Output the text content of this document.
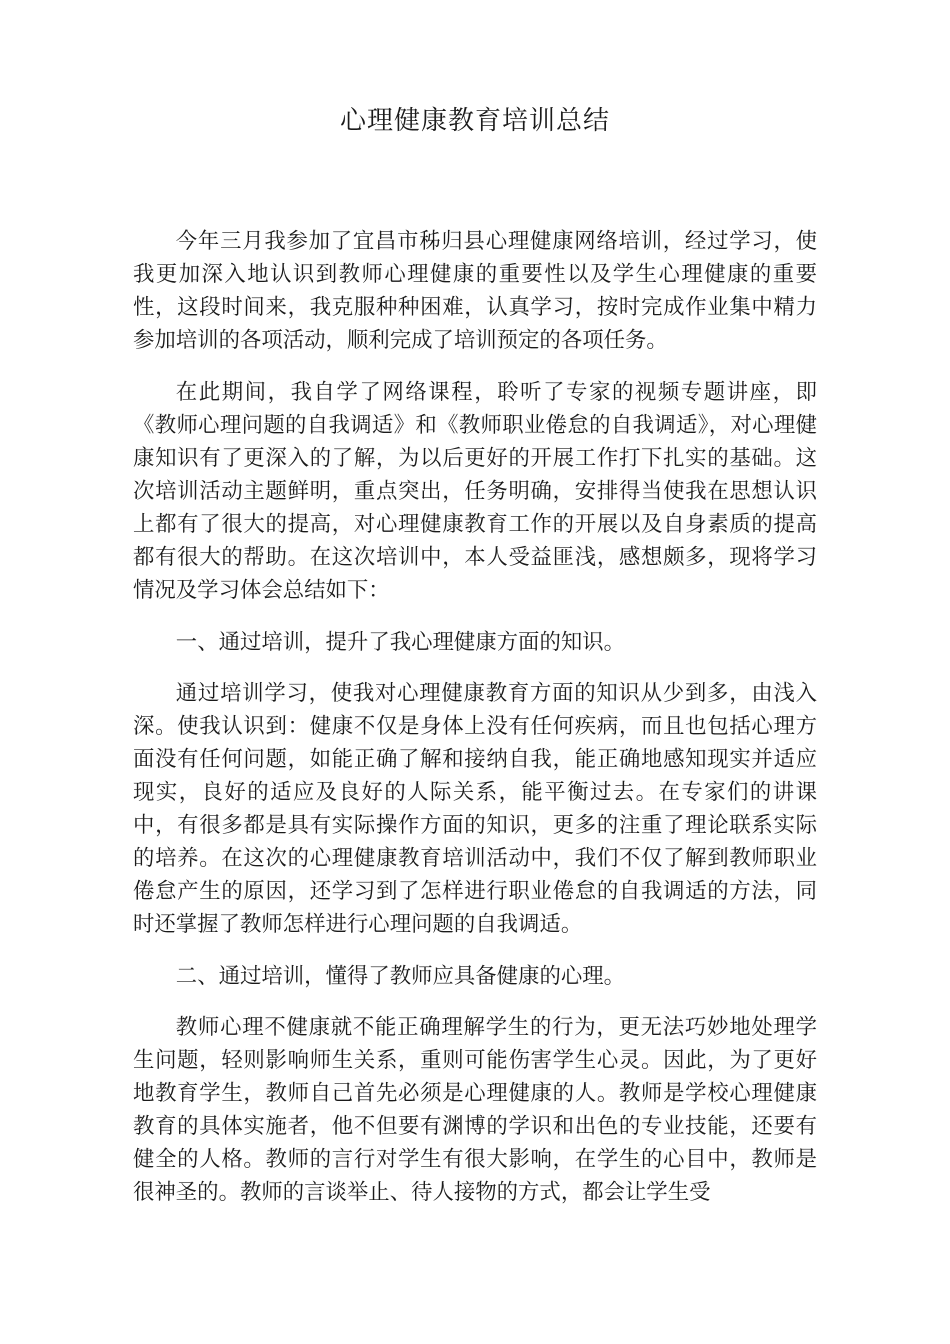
心理健康教育培训总结

今年三月我参加了宜昌市秭归县心理健康网络培训，经过学习，使我更加深入地认识到教师心理健康的重要性以及学生心理健康的重要性，这段时间来，我克服种种困难，认真学习，按时完成作业集中精力参加培训的各项活动，顺利完成了培训预定的各项任务。

在此期间，我自学了网络课程，聆听了专家的视频专题讲座，即《教师心理问题的自我调适》和《教师职业倦怠的自我调适》，对心理健康知识有了更深入的了解，为以后更好的开展工作打下扎实的基础。这次培训活动主题鲜明，重点突出，任务明确，安排得当使我在思想认识上都有了很大的提高，对心理健康教育工作的开展以及自身素质的提高都有很大的帮助。在这次培训中，本人受益匪浅，感想颇多，现将学习情况及学习体会总结如下：

一、通过培训，提升了我心理健康方面的知识。

通过培训学习，使我对心理健康教育方面的知识从少到多，由浅入深。使我认识到：健康不仅是身体上没有任何疾病，而且也包括心理方面没有任何问题，如能正确了解和接纳自我，能正确地感知现实并适应现实，良好的适应及良好的人际关系，能平衡过去。在专家们的讲课中，有很多都是具有实际操作方面的知识，更多的注重了理论联系实际的培养。在这次的心理健康教育培训活动中，我们不仅了解到教师职业倦怠产生的原因，还学习到了怎样进行职业倦怠的自我调适的方法，同时还掌握了教师怎样进行心理问题的自我调适。

二、通过培训，懂得了教师应具备健康的心理。

教师心理不健康就不能正确理解学生的行为，更无法巧妙地处理学生问题，轻则影响师生关系，重则可能伤害学生心灵。因此，为了更好地教育学生，教师自己首先必须是心理健康的人。教师是学校心理健康教育的具体实施者，他不但要有渊博的学识和出色的专业技能，还要有健全的人格。教师的言行对学生有很大影响，在学生的心目中，教师是很神圣的。教师的言谈举止、待人接物的方式，都会让学生受
